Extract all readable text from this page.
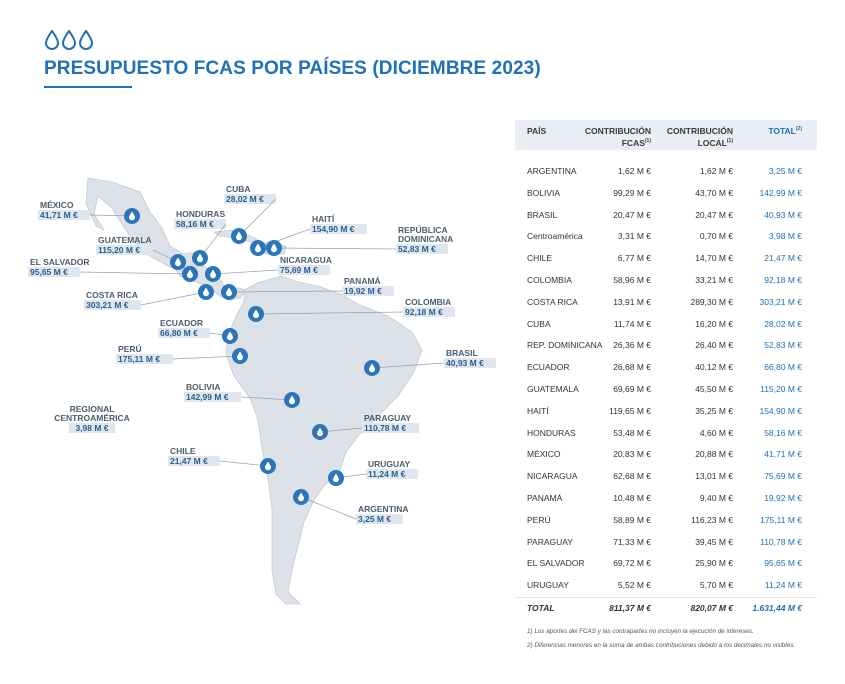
PRESUPUESTO FCAS POR PAÍSES (DICIEMBRE 2023)
MÉXICO
41,71 M €
CUBA
28,02 M €
HONDURAS
58,16 M €	HAITÍ
154,90 M €	REPÚBLICA DOMINICANA
52,83 M €
GUATEMALA
115,20 M €
EL SALVADOR
95,65 M €
NICARAGUA
75,69 M €
PANAMÁ
19,92 M €
COSTA RICA
303,21 M €	COLOMBIA
92,18 M €
ECUADOR
66,80 M €
PERÚ
175,11 M €
BRASIL
40,93 M €
REGIONAL CENTROAMÉRICA
3,98 M €
BOLIVIA
142,99 M €
PARAGUAY
110,78 M €
CHILE
21,47 M €	URUGUAY
11,24 M €
ARGENTINA
3,25 M €
PAÍS	CONTRIBUCIÓN FCAS$^{(1)}$
CONTRIBUCIÓN LOCAL$^{(1)}$
TOTAL$^{(2)}$
ARGENTINA	1,62 M €	1,62 M €	3,25 M €
BOLIVIA	99,29 M €	43,70 M €	142,99 M €
BRASIL	20,47 M €	20,47 M €	40,93 M €
Centroamérica	3,31 M €	0,70 M €	3,98 M €
CHILE	6,77 M €	14,70 M €	21,47 M €
COLOMBIA	58,96 M €	33,21 M €	92,18 M €
COSTA RICA	13,91 M €	289,30 M €	303,21 M €
CUBA	11,74 M €	16,20 M €	28,02 M €
REP. DOMINICANA	26,36 M €	26,40 M €	52,83 M €
ECUADOR	26,68 M €	40,12 M €	66,80 M €
GUATEMALA	69,69 M €	45,50 M €	115,20 M €
HAITÍ	119,65 M €	35,25 M €	154,90 M €
HONDURAS	53,48 M €	4,60 M €	58,16 M €
MÉXICO	20,83 M €	20,88 M €	41,71 M €
NICARAGUA	62,68 M €	13,01 M €	75,69 M €
PANAMÁ	10,48 M €	9,40 M €	19,92 M €
PERÚ	58,89 M €	116,23 M €	175,11 M €
PARAGUAY	71,33 M €	39,45 M €	110,78 M €
EL SALVADOR	69,72 M €	25,90 M €	95,65 M €
URUGUAY	5,52 M €	5,70 M €	11,24 M €
TOTAL	811,37 M €	820,07 M €	1.631,44 M €
1) Los aportes del FCAS y las contrapartes no incluyen la ejecución de intereses.
2) Diferencias menores en la suma de ambas contribuciones debido a los decimales no visibles.
